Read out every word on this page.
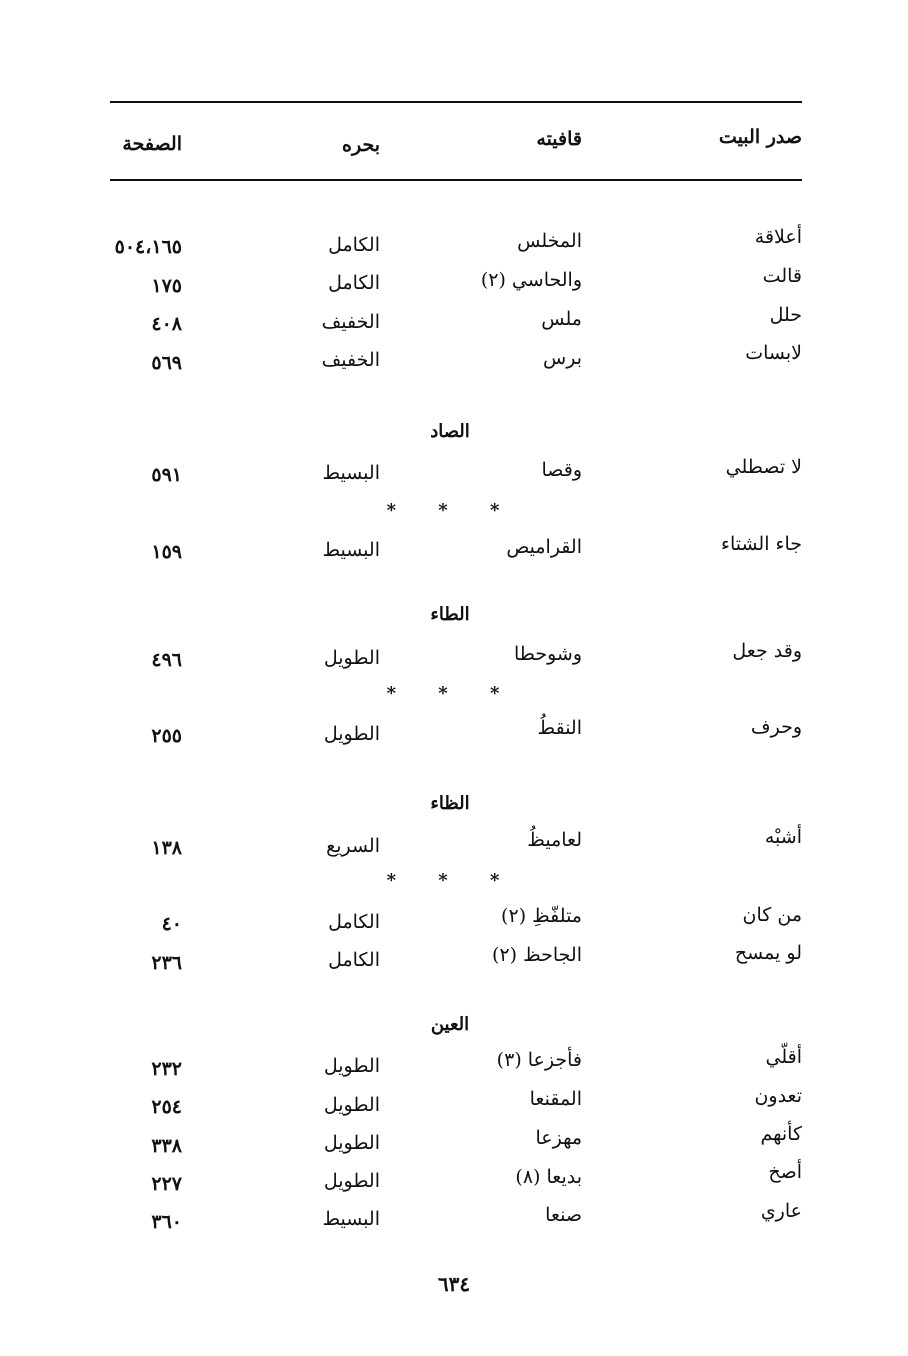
صدر البيت
قافيته
بحره
الصفحة
أعلاقة
المخلس
الكامل
٥٠٤،١٦٥
قالت
والحاسي (٢)
الكامل
١٧٥
حلل
ملس
الخفيف
٤٠٨
لابسات
برس
الخفيف
٥٦٩
الصاد
لا تصطلي
وقصا
البسيط
٥٩١
* * *
جاء الشتاء
القراميص
البسيط
١٥٩
الطاء
وقد جعل
وشوحطا
الطويل
٤٩٦
* * *
وحرف
النقطُ
الطويل
٢٥٥
الظاء
أشبْه
لعاميظُ
السريع
١٣٨
* * *
من كان
متلفّظِ (٢)
الكامل
٤٠
لو يمسح
الجاحظ (٢)
الكامل
٢٣٦
العين
أقلّي
فأجزعا (٣)
الطويل
٢٣٢
تعدون
المقنعا
الطويل
٢٥٤
كأنهم
مهزعا
الطويل
٣٣٨
أصخ
بديعا (٨)
الطويل
٢٢٧
عاري
صنعا
البسيط
٣٦٠
٦٣٤
